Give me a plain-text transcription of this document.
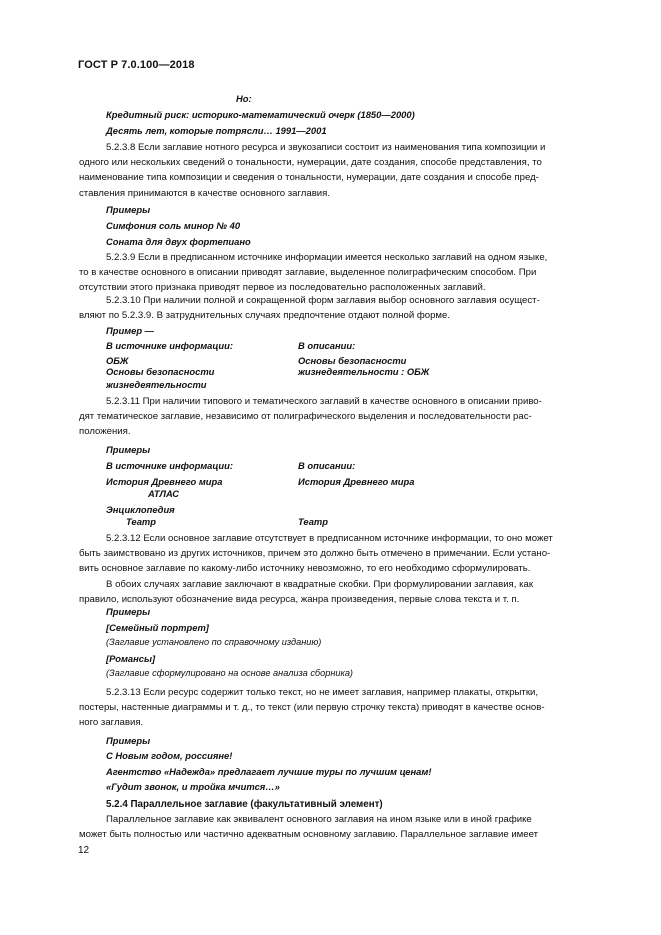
ГОСТ Р 7.0.100—2018
Но:
Кредитный риск: историко-математический очерк (1850—2000)
Десять лет, которые потрясли… 1991—2001
5.2.3.8 Если заглавие нотного ресурса и звукозаписи состоит из наименования типа композиции и
одного или нескольких сведений о тональности, нумерации, дате создания, способе представления, то
наименование типа композиции и сведения о тональности, нумерации, дате создания и способе пред-
ставления принимаются в качестве основного заглавия.
Примеры
Симфония соль минор № 40
Соната для двух фортепиано
5.2.3.9 Если в предписанном источнике информации имеется несколько заглавий на одном языке,
то в качестве основного в описании приводят заглавие, выделенное полиграфическим способом. При
отсутствии этого признака приводят первое из последовательно расположенных заглавий.
5.2.3.10 При наличии полной и сокращенной форм заглавия выбор основного заглавия осущест-
вляют по 5.2.3.9. В затруднительных случаях предпочтение отдают полной форме.
Пример —
В источнике информации:	В описании:
ОБЖ	Основы безопасности
Основы безопасности	жизнедеятельности : ОБЖ
жизнедеятельности
5.2.3.11 При наличии типового и тематического заглавий в качестве основного в описании приво-
дят тематическое заглавие, независимо от полиграфического выделения и последовательности рас-
положения.
Примеры
В источнике информации:	В описании:
История Древнего мира	История Древнего мира
АТЛАС
Энциклопедия
Театр	Театр
5.2.3.12 Если основное заглавие отсутствует в предписанном источнике информации, то оно может
быть заимствовано из других источников, причем это должно быть отмечено в примечании. Если устано-
вить основное заглавие по какому-либо источнику невозможно, то его необходимо сформулировать.
В обоих случаях заглавие заключают в квадратные скобки. При формулировании заглавия, как
правило, используют обозначение вида ресурса, жанра произведения, первые слова текста и т. п.
Примеры
[Семейный портрет]
(Заглавие установлено по справочному изданию)
[Романсы]
(Заглавие сформулировано на основе анализа сборника)
5.2.3.13 Если ресурс содержит только текст, но не имеет заглавия, например плакаты, открытки,
постеры, настенные диаграммы и т. д., то текст (или первую строчку текста) приводят в качестве основ-
ного заглавия.
Примеры
С Новым годом, россияне!
Агентство «Надежда» предлагает лучшие туры по лучшим ценам!
«Гудит звонок, и тройка мчится…»
5.2.4 Параллельное заглавие (факультативный элемент)
Параллельное заглавие как эквивалент основного заглавия на ином языке или в иной графике
может быть полностью или частично адекватным основному заглавию. Параллельное заглавие имеет
12
